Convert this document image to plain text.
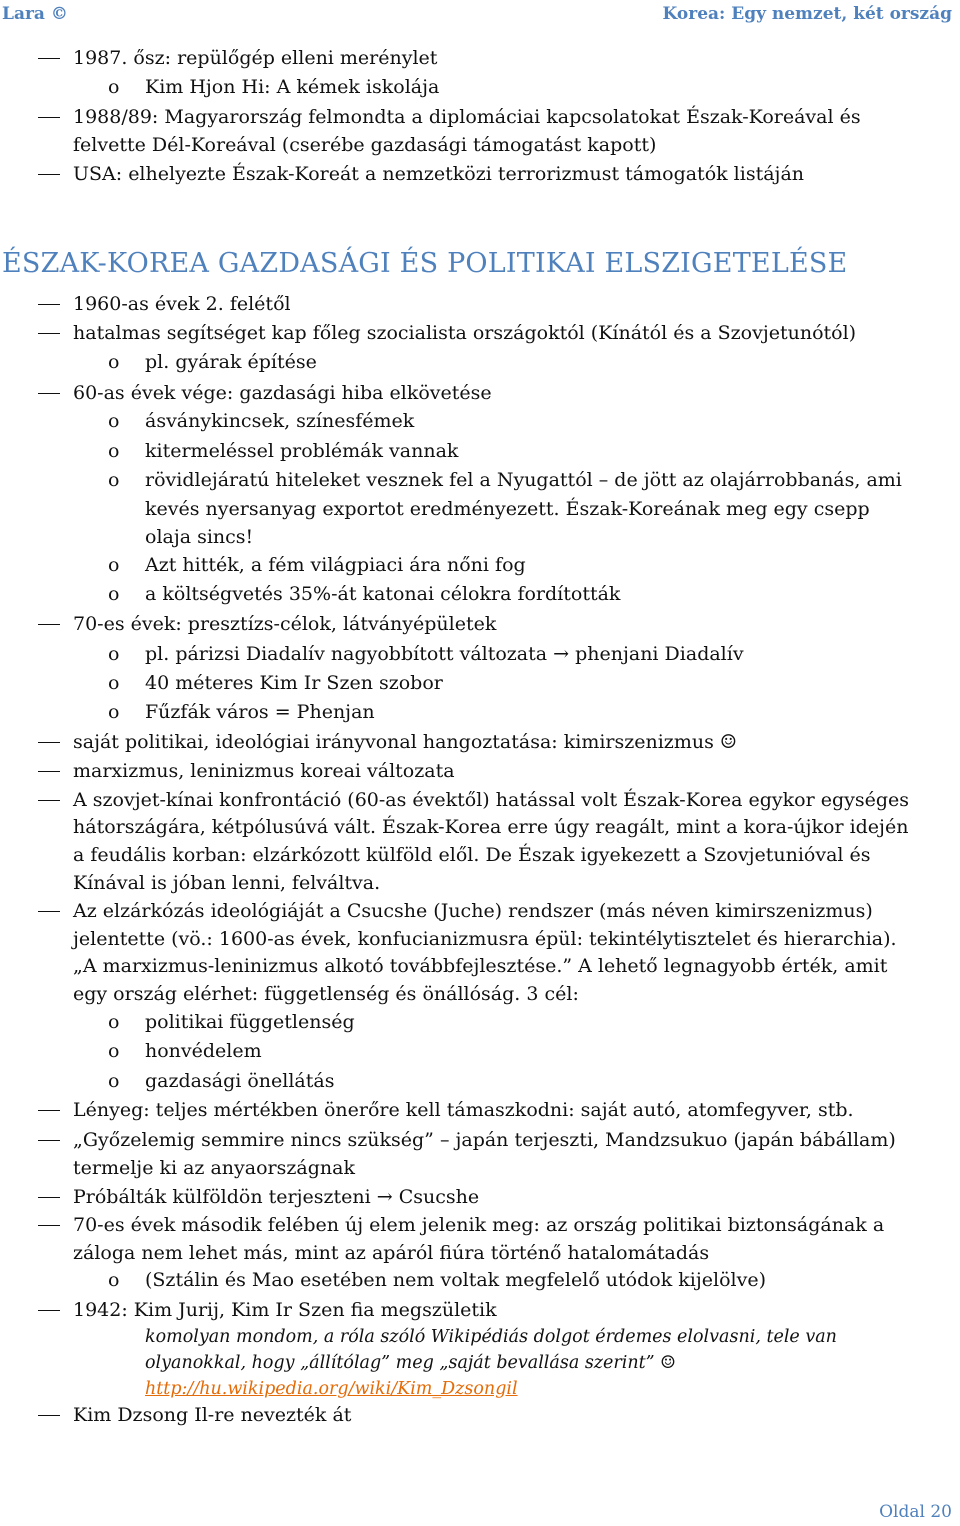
Lara ©	Korea: Egy nemzet, két ország
1987. ősz: repülőgép elleni merénylet
o Kim Hjon Hi: A kémek iskolája
1988/89: Magyarország felmondta a diplomáciai kapcsolatokat Észak-Koreával és
felvette Dél-Koreával (cserébe gazdasági támogatást kapott)
USA: elhelyezte Észak-Koreát a nemzetközi terrorizmust támogatók listáján
ÉSZAK-KOREA GAZDASÁGI ÉS POLITIKAI ELSZIGETELÉSE
1960-as évek 2. felétől
hatalmas segítséget kap főleg szocialista országoktól (Kínától és a Szovjetunótól)
o pl. gyárak építése
60-as évek vége: gazdasági hiba elkövetése
o ásványkincsek, színesfémek
o kitermeléssel problémák vannak
o rövidlejáratú hiteleket vesznek fel a Nyugattól – de jött az olajárrobbanás, ami
kevés nyersanyag exportot eredményezett. Észak-Koreának meg egy csepp
olaja sincs!
o Azt hitték, a fém világpiaci ára nőni fog
o a költségvetés 35%-át katonai célokra fordították
70-es évek: presztízs-célok, látványépületek
o pl. párizsi Diadalív nagyobbított változata → phenjani Diadalív
o 40 méteres Kim Ir Szen szobor
o Fűzfák város = Phenjan
saját politikai, ideológiai irányvonal hangoztatása: kimirszenizmus ☺
marxizmus, leninizmus koreai változata
A szovjet-kínai konfrontáció (60-as évektől) hatással volt Észak-Korea egykor egységes
hátországára, kétpólusúvá vált. Észak-Korea erre úgy reagált, mint a kora-újkor idején
a feudális korban: elzárkózott külföld elől. De Észak igyekezett a Szovjetunióval és
Kínával is jóban lenni, felváltva.
Az elzárkózás ideológiáját a Csucshe (Juche) rendszer (más néven kimirszenizmus)
jelentette (vö.: 1600-as évek, konfucianizmusra épül: tekintélytisztelet és hierarchia).
„A marxizmus-leninizmus alkotó továbbfejlesztése.” A lehető legnagyobb érték, amit
egy ország elérhet: függetlenség és önállóság. 3 cél:
o politikai függetlenség
o honvédelem
o gazdasági önellátás
Lényeg: teljes mértékben önerőre kell támaszkodni: saját autó, atomfegyver, stb.
„Győzelemig semmire nincs szükség” – japán terjeszti, Mandzsukuo (japán bábállam)
termelje ki az anyaországnak
Próbálták külföldön terjeszteni → Csucshe
70-es évek második felében új elem jelenik meg: az ország politikai biztonságának a
záloga nem lehet más, mint az apáról fiúra történő hatalomátadás
o (Sztálin és Mao esetében nem voltak megfelelő utódok kijelölve)
1942: Kim Jurij, Kim Ir Szen fia megszületik
komolyan mondom, a róla szóló Wikipédiás dolgot érdemes elolvasni, tele van
olyanokkal, hogy „állítólag” meg „saját bevallása szerint” ☺
http://hu.wikipedia.org/wiki/Kim_Dzsongil
Kim Dzsong Il-re nevezték át
Oldal 20
